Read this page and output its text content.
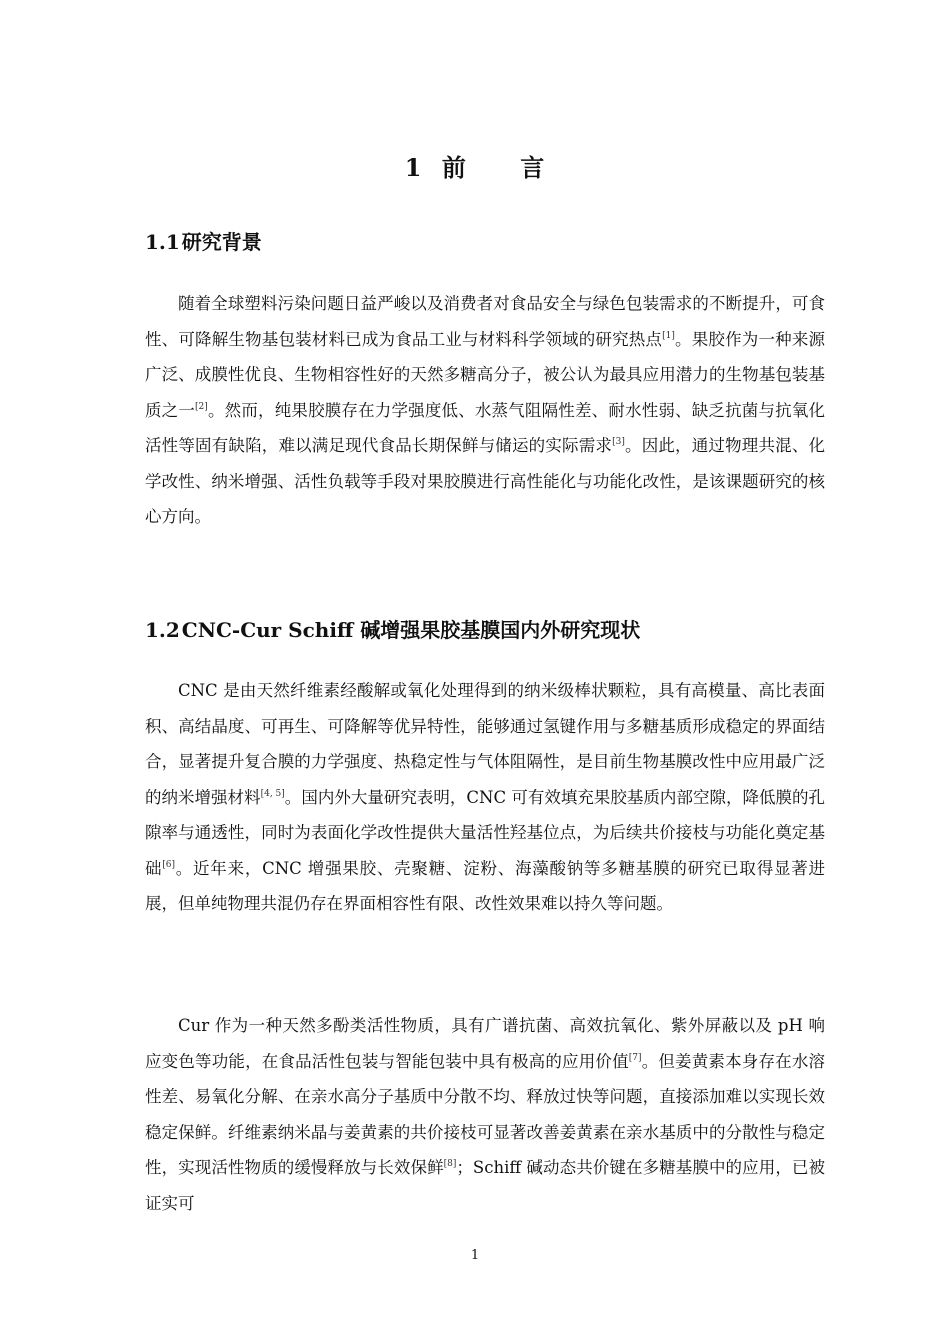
1 前 言
1.1 研究背景

随着全球塑料污染问题日益严峻以及消费者对食品安全与绿色包装需求的不断提升，可食性、可降解生物基包装材料已成为食品工业与材料科学领域的研究热点[1]。果胶作为一种来源广泛、成膜性优良、生物相容性好的天然多糖高分子，被公认为最具应用潜力的生物基包装基质之一[2]。然而，纯果胶膜存在力学强度低、水蒸气阻隔性差、耐水性弱、缺乏抗菌与抗氧化活性等固有缺陷，难以满足现代食品长期保鲜与储运的实际需求[3]。因此，通过物理共混、化学改性、纳米增强、活性负载等手段对果胶膜进行高性能化与功能化改性，是该课题研究的核心方向。

1.2 CNC-Cur Schiff 碱增强果胶基膜国内外研究现状

CNC 是由天然纤维素经酸解或氧化处理得到的纳米级棒状颗粒，具有高模量、高比表面积、高结晶度、可再生、可降解等优异特性，能够通过氢键作用与多糖基质形成稳定的界面结合，显著提升复合膜的力学强度、热稳定性与气体阻隔性，是目前生物基膜改性中应用最广泛的纳米增强材料[4, 5]。国内外大量研究表明，CNC 可有效填充果胶基质内部空隙，降低膜的孔隙率与通透性，同时为表面化学改性提供大量活性羟基位点，为后续共价接枝与功能化奠定基础[6]。近年来，CNC 增强果胶、壳聚糖、淀粉、海藻酸钠等多糖基膜的研究已取得显著进展，但单纯物理共混仍存在界面相容性有限、改性效果难以持久等问题。

Cur 作为一种天然多酚类活性物质，具有广谱抗菌、高效抗氧化、紫外屏蔽以及 pH 响应变色等功能，在食品活性包装与智能包装中具有极高的应用价值[7]。但姜黄素本身存在水溶性差、易氧化分解、在亲水高分子基质中分散不均、释放过快等问题，直接添加难以实现长效稳定保鲜。纤维素纳米晶与姜黄素的共价接枝可显著改善姜黄素在亲水基质中的分散性与稳定性，实现活性物质的缓慢释放与长效保鲜[8]；Schiff 碱动态共价键在多糖基膜中的应用，已被证实可

1
